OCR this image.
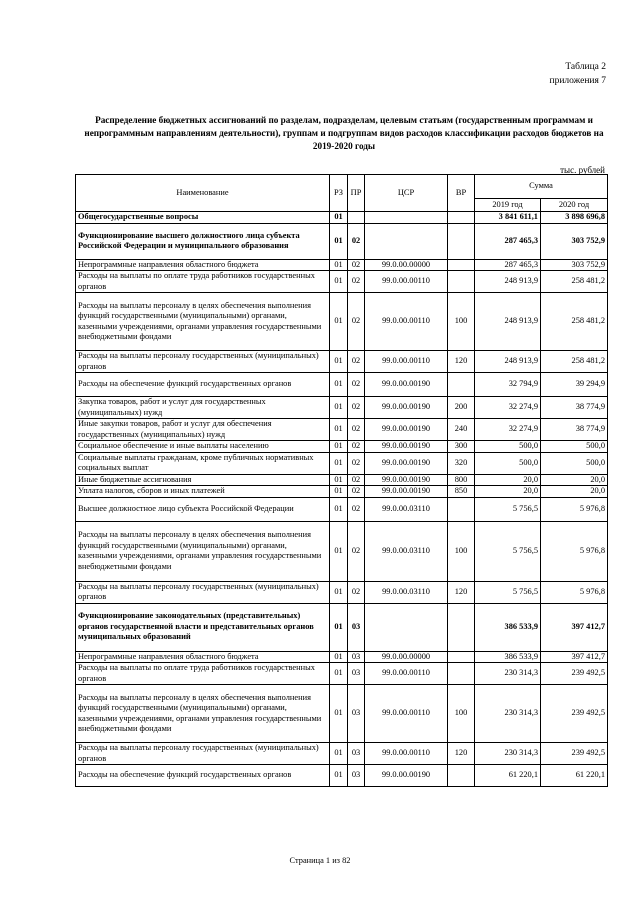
Таблица 2
приложения 7
Распределение бюджетных ассигнований по разделам, подразделам, целевым статьям (государственным программам и непрограммным направлениям деятельности), группам и подгруппам видов расходов классификации расходов бюджетов на 2019-2020 годы
тыс. рублей
Наименование	РЗ	ПР	ЦСР	ВР	Сумма	
					2019 год	2020 год
Общегосударственные вопросы	01				3 841 611,1	3 898 696,8
Функционирование высшего должностного лица субъекта Российской Федерации и муниципального образования	01	02			287 465,3	303 752,9
Непрограммные направления областного бюджета	01	02	99.0.00.00000		287 465,3	303 752,9
Расходы на выплаты по оплате труда работников государственных органов	01	02	99.0.00.00110		248 913,9	258 481,2
Расходы на выплаты персоналу в целях обеспечения выполнения функций государственными (муниципальными) органами, казенными учреждениями, органами управления государственными внебюджетными фондами	01	02	99.0.00.00110	100	248 913,9	258 481,2
Расходы на выплаты персоналу государственных (муниципальных) органов	01	02	99.0.00.00110	120	248 913,9	258 481,2
Расходы на обеспечение функций государственных органов	01	02	99.0.00.00190		32 794,9	39 294,9
Закупка товаров, работ и услуг для государственных (муниципальных) нужд	01	02	99.0.00.00190	200	32 274,9	38 774,9
Иные закупки товаров, работ и услуг для обеспечения государственных (муниципальных) нужд	01	02	99.0.00.00190	240	32 274,9	38 774,9
Социальное обеспечение и иные выплаты населению	01	02	99.0.00.00190	300	500,0	500,0
Социальные выплаты гражданам, кроме публичных нормативных социальных выплат	01	02	99.0.00.00190	320	500,0	500,0
Иные бюджетные ассигнования	01	02	99.0.00.00190	800	20,0	20,0
Уплата налогов, сборов и иных платежей	01	02	99.0.00.00190	850	20,0	20,0
Высшее должностное лицо субъекта Российской Федерации	01	02	99.0.00.03110		5 756,5	5 976,8
Расходы на выплаты персоналу в целях обеспечения выполнения функций государственными (муниципальными) органами, казенными учреждениями, органами управления государственными внебюджетными фондами	01	02	99.0.00.03110	100	5 756,5	5 976,8
Расходы на выплаты персоналу государственных (муниципальных) органов	01	02	99.0.00.03110	120	5 756,5	5 976,8
Функционирование законодательных (представительных) органов государственной власти и представительных органов муниципальных образований	01	03			386 533,9	397 412,7
Непрограммные направления областного бюджета	01	03	99.0.00.00000		386 533,9	397 412,7
Расходы на выплаты по оплате труда работников государственных органов	01	03	99.0.00.00110		230 314,3	239 492,5
Расходы на выплаты персоналу в целях обеспечения выполнения функций государственными (муниципальными) органами, казенными учреждениями, органами управления государственными внебюджетными фондами	01	03	99.0.00.00110	100	230 314,3	239 492,5
Расходы на выплаты персоналу государственных (муниципальных) органов	01	03	99.0.00.00110	120	230 314,3	239 492,5
Расходы на обеспечение функций государственных органов	01	03	99.0.00.00190		61 220,1	61 220,1
Страница 1 из 82
